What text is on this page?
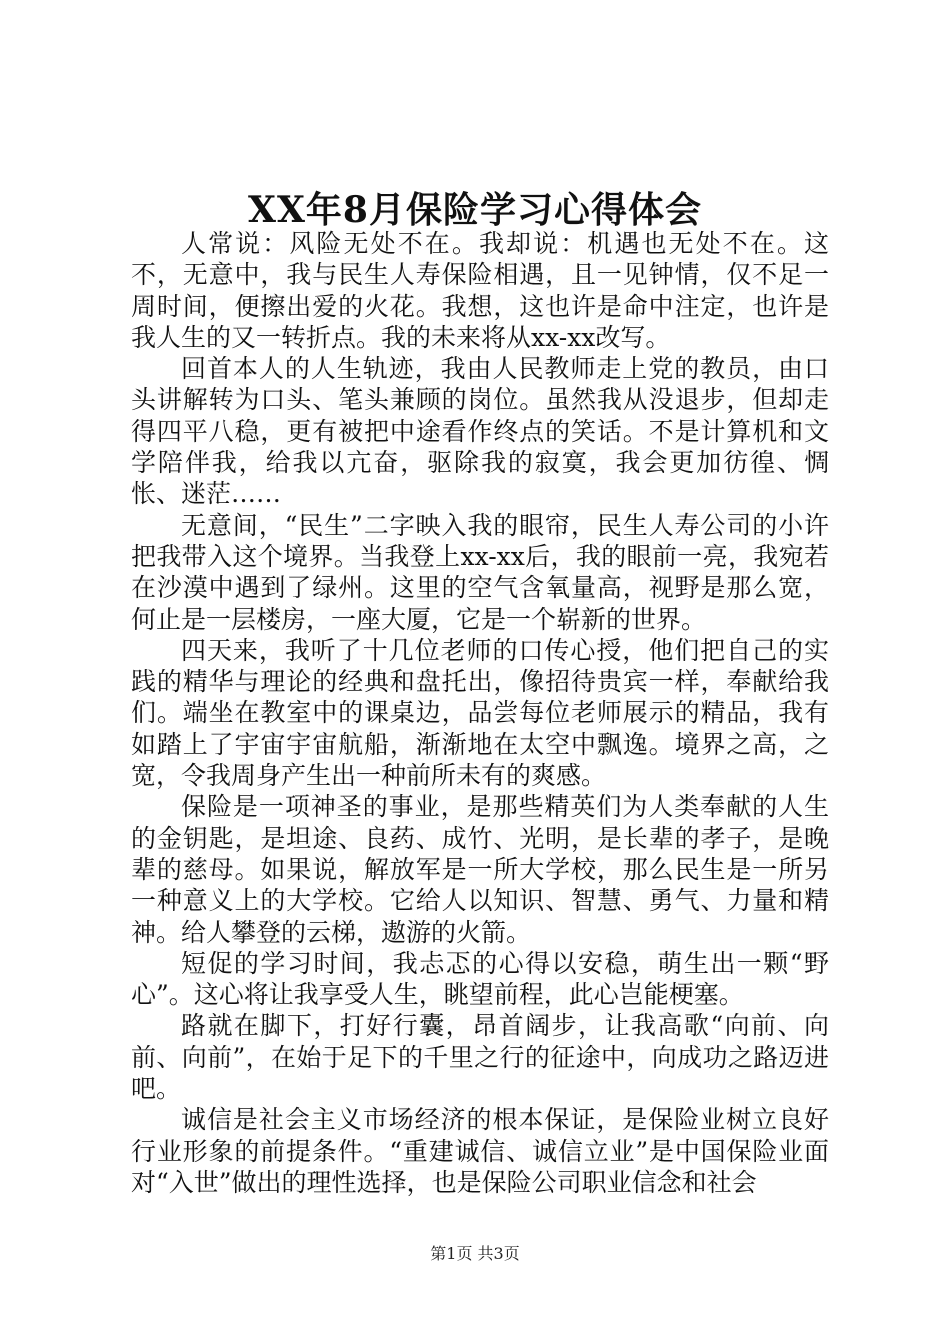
XX年8月保险学习心得体会

人常说：风险无处不在。我却说：机遇也无处不在。这不，无意中，我与民生人寿保险相遇，且一见钟情，仅不足一周时间，便擦出爱的火花。我想，这也许是命中注定，也许是我人生的又一转折点。我的未来将从xx-xx改写。

回首本人的人生轨迹，我由人民教师走上党的教员，由口头讲解转为口头、笔头兼顾的岗位。虽然我从没退步，但却走得四平八稳，更有被把中途看作终点的笑话。不是计算机和文学陪伴我，给我以亢奋，驱除我的寂寞，我会更加彷徨、惆怅、迷茫……

无意间，“民生”二字映入我的眼帘，民生人寿公司的小许把我带入这个境界。当我登上xx-xx后，我的眼前一亮，我宛若在沙漠中遇到了绿州。这里的空气含氧量高，视野是那么宽，何止是一层楼房，一座大厦，它是一个崭新的世界。

四天来，我听了十几位老师的口传心授，他们把自己的实践的精华与理论的经典和盘托出，像招待贵宾一样，奉献给我们。端坐在教室中的课桌边，品尝每位老师展示的精品，我有如踏上了宇宙宇宙航船，渐渐地在太空中飘逸。境界之高，之宽，令我周身产生出一种前所未有的爽感。

保险是一项神圣的事业，是那些精英们为人类奉献的人生的金钥匙，是坦途、良药、成竹、光明，是长辈的孝子，是晚辈的慈母。如果说，解放军是一所大学校，那么民生是一所另一种意义上的大学校。它给人以知识、智慧、勇气、力量和精神。给人攀登的云梯，遨游的火箭。

短促的学习时间，我忐忑的心得以安稳，萌生出一颗“野心”。这心将让我享受人生，眺望前程，此心岂能梗塞。

路就在脚下，打好行囊，昂首阔步，让我高歌“向前、向前、向前”，在始于足下的千里之行的征途中，向成功之路迈进吧。

诚信是社会主义市场经济的根本保证，是保险业树立良好行业形象的前提条件。“重建诚信、诚信立业”是中国保险业面对“入世”做出的理性选择，也是保险公司职业信念和社会

第1页 共3页
